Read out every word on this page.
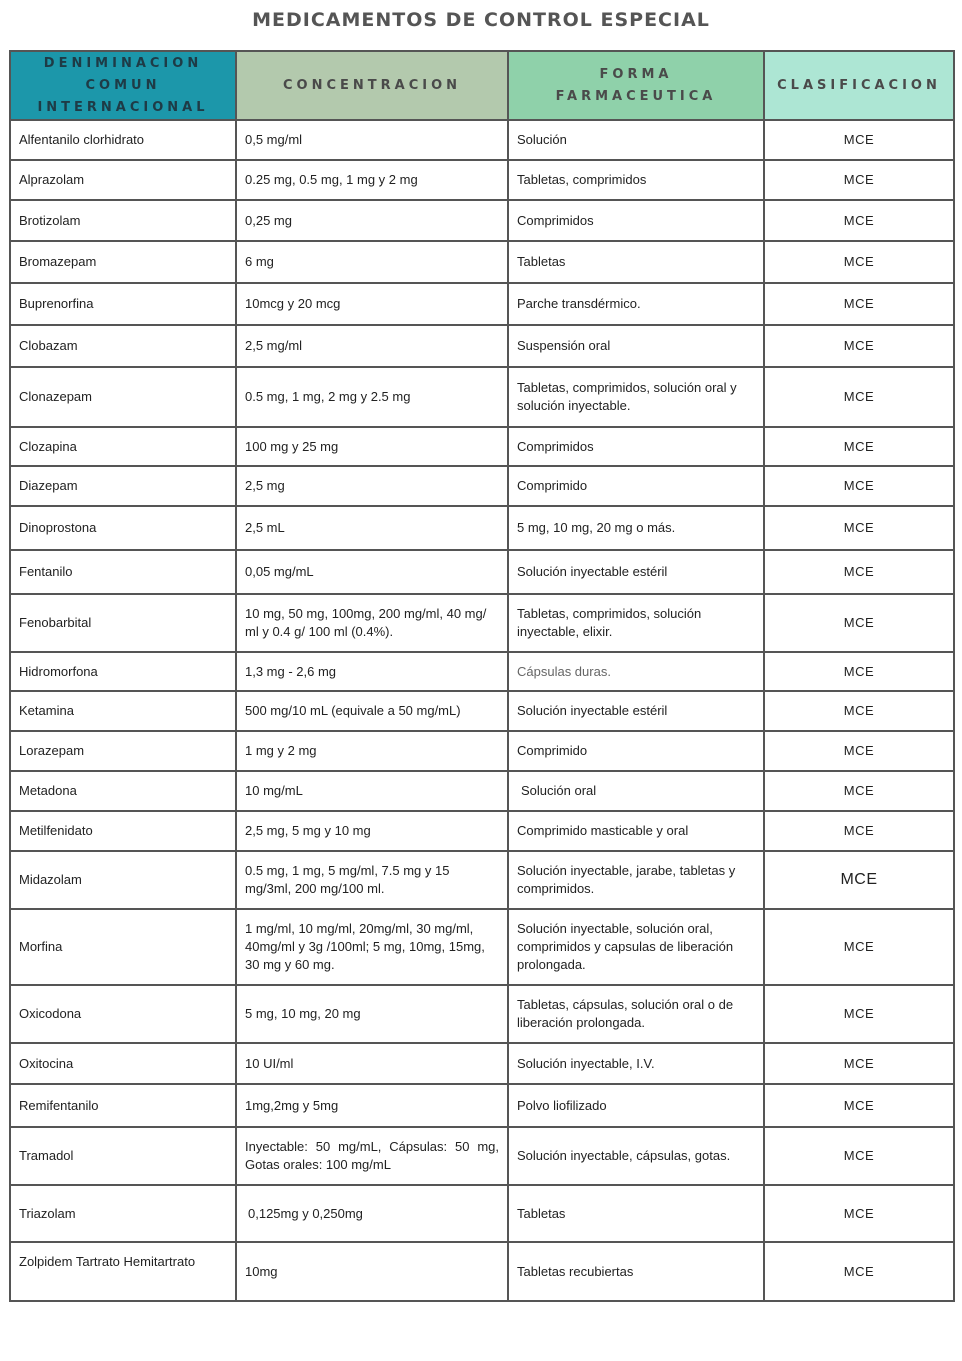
MEDICAMENTOS DE CONTROL ESPECIAL
DENIMINACION COMUN INTERNACIONAL	CONCENTRACION	FORMA FARMACEUTICA	CLASIFICACION
Alfentanilo clorhidrato	0,5 mg/ml	Solución	MCE
Alprazolam	0.25 mg, 0.5 mg, 1 mg y 2 mg	Tabletas, comprimidos	MCE
Brotizolam	0,25 mg	Comprimidos	MCE
Bromazepam	6 mg	Tabletas	MCE
Buprenorfina	10mcg y 20 mcg	Parche transdérmico.	MCE
Clobazam	2,5 mg/ml	Suspensión oral	MCE
Clonazepam	0.5 mg, 1 mg, 2 mg y 2.5 mg	Tabletas, comprimidos, solución oral y solución inyectable.	MCE
Clozapina	100 mg y 25 mg	Comprimidos	MCE
Diazepam	2,5 mg	Comprimido	MCE
Dinoprostona	2,5 mL	5 mg, 10 mg, 20 mg o más.	MCE
Fentanilo	0,05 mg/mL	Solución inyectable estéril	MCE
Fenobarbital	10 mg, 50 mg, 100mg, 200 mg/ml, 40 mg/ ml y 0.4 g/ 100 ml (0.4%).	Tabletas, comprimidos, solución inyectable, elixir.	MCE
Hidromorfona	1,3 mg - 2,6 mg	Cápsulas duras.	MCE
Ketamina	500 mg/10 mL (equivale a 50 mg/mL)	Solución inyectable estéril	MCE
Lorazepam	1 mg y 2 mg	Comprimido	MCE
Metadona	10 mg/mL	Solución oral	MCE
Metilfenidato	2,5 mg, 5 mg y 10 mg	Comprimido masticable y oral	MCE
Midazolam	0.5 mg, 1 mg, 5 mg/ml, 7.5 mg y 15 mg/3ml, 200 mg/100 ml.	Solución inyectable, jarabe, tabletas y comprimidos.	MCE
Morfina	1 mg/ml, 10 mg/ml, 20mg/ml, 30 mg/ml, 40mg/ml y 3g /100ml; 5 mg, 10mg, 15mg, 30 mg y 60 mg.	Solución inyectable, solución oral, comprimidos y capsulas de liberación prolongada.	MCE
Oxicodona	5 mg, 10 mg, 20 mg	Tabletas, cápsulas, solución oral o de liberación prolongada.	MCE
Oxitocina	10 UI/ml	Solución inyectable, I.V.	MCE
Remifentanilo	1mg,2mg y 5mg	Polvo liofilizado	MCE
Tramadol	Inyectable: 50 mg/mL, Cápsulas: 50 mg, Gotas orales: 100 mg/mL	Solución inyectable, cápsulas, gotas.	MCE
Triazolam	0,125mg y 0,250mg	Tabletas	MCE
Zolpidem Tartrato Hemitartrato	10mg	Tabletas recubiertas	MCE
